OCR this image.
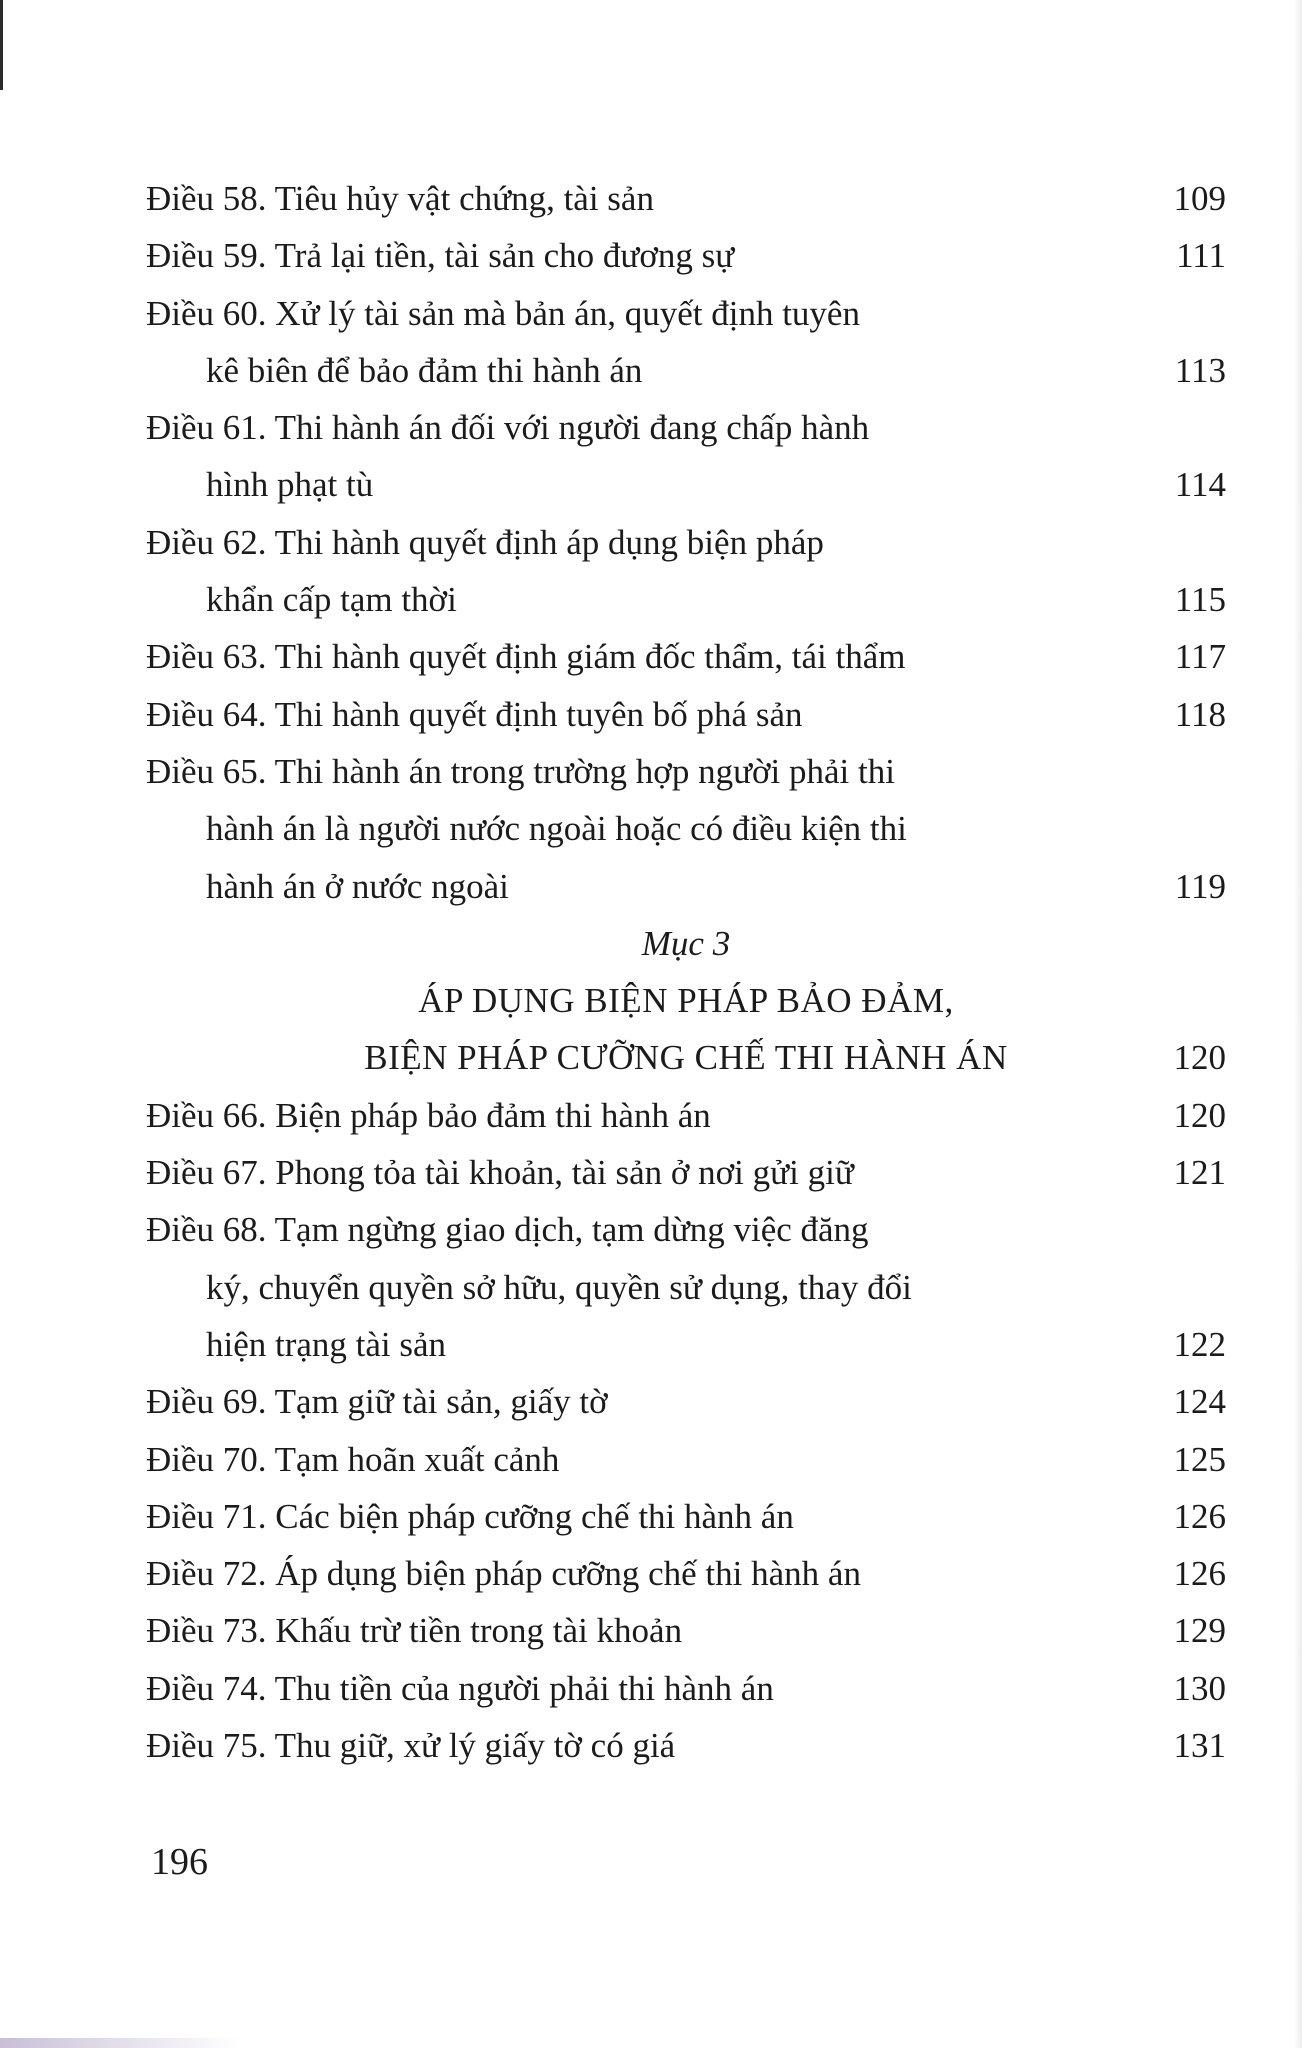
Điều 58. Tiêu hủy vật chứng, tài sản	109
Điều 59. Trả lại tiền, tài sản cho đương sự	111
Điều 60. Xử lý tài sản mà bản án, quyết định tuyên
kê biên để bảo đảm thi hành án	113
Điều 61. Thi hành án đối với người đang chấp hành
hình phạt tù	114
Điều 62. Thi hành quyết định áp dụng biện pháp
khẩn cấp tạm thời	115
Điều 63. Thi hành quyết định giám đốc thẩm, tái thẩm	117
Điều 64. Thi hành quyết định tuyên bố phá sản	118
Điều 65. Thi hành án trong trường hợp người phải thi
hành án là người nước ngoài hoặc có điều kiện thi
hành án ở nước ngoài	119
Mục 3
ÁP DỤNG BIỆN PHÁP BẢO ĐẢM,
BIỆN PHÁP CƯỠNG CHẾ THI HÀNH ÁN	120
Điều 66. Biện pháp bảo đảm thi hành án	120
Điều 67. Phong tỏa tài khoản, tài sản ở nơi gửi giữ	121
Điều 68. Tạm ngừng giao dịch, tạm dừng việc đăng
ký, chuyển quyền sở hữu, quyền sử dụng, thay đổi
hiện trạng tài sản	122
Điều 69. Tạm giữ tài sản, giấy tờ	124
Điều 70. Tạm hoãn xuất cảnh	125
Điều 71. Các biện pháp cưỡng chế thi hành án	126
Điều 72. Áp dụng biện pháp cưỡng chế thi hành án	126
Điều 73. Khấu trừ tiền trong tài khoản	129
Điều 74. Thu tiền của người phải thi hành án	130
Điều 75. Thu giữ, xử lý giấy tờ có giá	131
196
